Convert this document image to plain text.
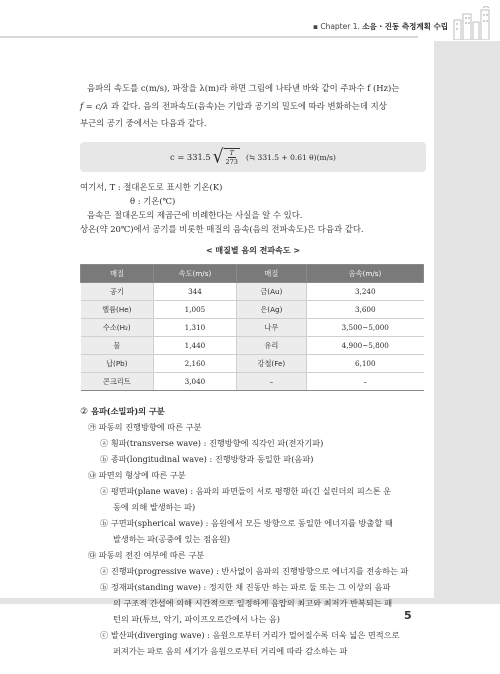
▪ Chapter 1. 소음 · 진동 측정계획 수립
5

음파의 속도를 c(m/s), 파장을 λ(m)라 하면 그림에 나타낸 바와 같이 주파수 f (Hz)는

f = c/λ 과 같다. 음의 전파속도(음속)는 기압과 공기의 밀도에 따라 변화하는데 지상

부근의 공기 중에서는 다음과 같다.

c = 331.5 √ $\frac{T}{273}$ (≒ 331.5 + 0.61 θ)(m/s)
여기서, T : 절대온도로 표시한 기온(K)
θ : 기온(℃)
음속은 절대온도의 제곱근에 비례한다는 사실을 알 수 있다.
상온(약 20℃)에서 공기를 비롯한 매질의 음속(음의 전파속도)은 다음과 같다.
< 매질별 음의 전파속도 >
매질	속도(m/s)	매질	음속(m/s)
공기	344	금(Au)	3,240
헬륨(He)	1,005	은(Ag)	3,600
수소(H₂)	1,310	나무	3,500~5,000
물	1,440	유리	4,900~5,800
납(Pb)	2,160	강철(Fe)	6,100
콘크리트	3,040	–	–
② 음파(소밀파)의 구분
㉮ 파동의 진행방향에 따른 구분
ⓐ 횡파(transverse wave) : 진행방향에 직각인 파(전자기파)
ⓑ 종파(longitudinal wave) : 진행방향과 동일한 파(음파)
㉯ 파면의 형상에 따른 구분
ⓐ 평면파(plane wave) : 음파의 파면들이 서로 평행한 파(긴 실린더의 피스톤 운
동에 의해 발생하는 파)
ⓑ 구면파(spherical wave) : 음원에서 모든 방향으로 동일한 에너지를 방출할 때
발생하는 파(공중에 있는 점음원)
㉰ 파동의 전진 여부에 따른 구분
ⓐ 진행파(progressive wave) : 반사없이 음파의 진행방향으로 에너지를 전송하는 파
ⓑ 정재파(standing wave) : 정지한 채 진동만 하는 파로 둘 또는 그 이상의 음파
의 구조적 간섭에 의해 시간적으로 일정하게 음압의 최고와 최저가 반복되는 패
턴의 파(튜브, 악기, 파이프오르간에서 나는 음)
ⓒ 발산파(diverging wave) : 음원으로부터 거리가 멀어질수록 더욱 넓은 면적으로
퍼져가는 파로 음의 세기가 음원으로부터 거리에 따라 감소하는 파
